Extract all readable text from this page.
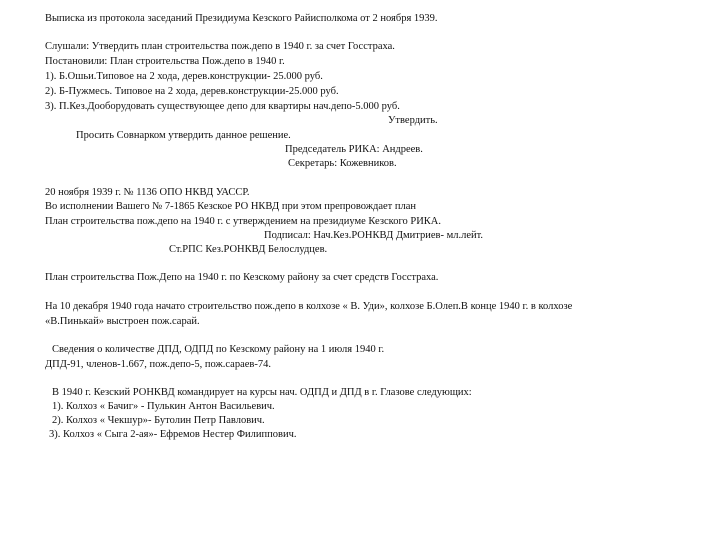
Выписка из протокола заседаний Президиума Кезского Райисполкома от 2 ноября 1939.
Слушали: Утвердить план строительства пож.депо в 1940 г. за счет Госстраха.
Постановили: План строительства Пож.депо в 1940 г.
1). Б.Ошьи.Типовое на 2 хода, дерев.конструкции- 25.000 руб.
2). Б-Пужмесь. Типовое на 2 хода, дерев.конструкции-25.000 руб.
3). П.Кез.Дооборудовать существующее депо для квартиры нач.депо-5.000 руб.
Утвердить.
Просить Совнарком утвердить данное решение.
Председатель РИКА: Андреев.
Секретарь: Кожевников.
20 ноября 1939 г. № 1136 ОПО НКВД УАССР.
Во исполнении Вашего № 7-1865 Кезское РО НКВД при этом препровождает план
План строительства пож.депо на 1940 г. с утверждением на президиуме Кезского РИКА.
Подписал: Нач.Кез.РОНКВД Дмитриев- мл.лейт.
Ст.РПС Кез.РОНКВД Белослудцев.
План строительства Пож.Депо на 1940 г. по Кезскому району за счет средств Госстраха.
На 10 декабря 1940 года начато строительство пож.депо в колхозе « В. Уди», колхозе Б.Олеп.В конце 1940 г. в колхозе
«В.Пинькай» выстроен пож.сарай.
Сведения о количестве ДПД, ОДПД по Кезскому району на 1 июля 1940 г.
ДПД-91, членов-1.667, пож.депо-5, пож.сараев-74.
В 1940 г. Кезский РОНКВД командирует на курсы нач. ОДПД и ДПД в г. Глазове следующих:
1). Колхоз « Бачиг» - Пулькин Антон Васильевич.
2). Колхоз « Чекшур»- Бутолин Петр Павлович.
3). Колхоз « Сыга 2-ая»- Ефремов Нестер Филиппович.
